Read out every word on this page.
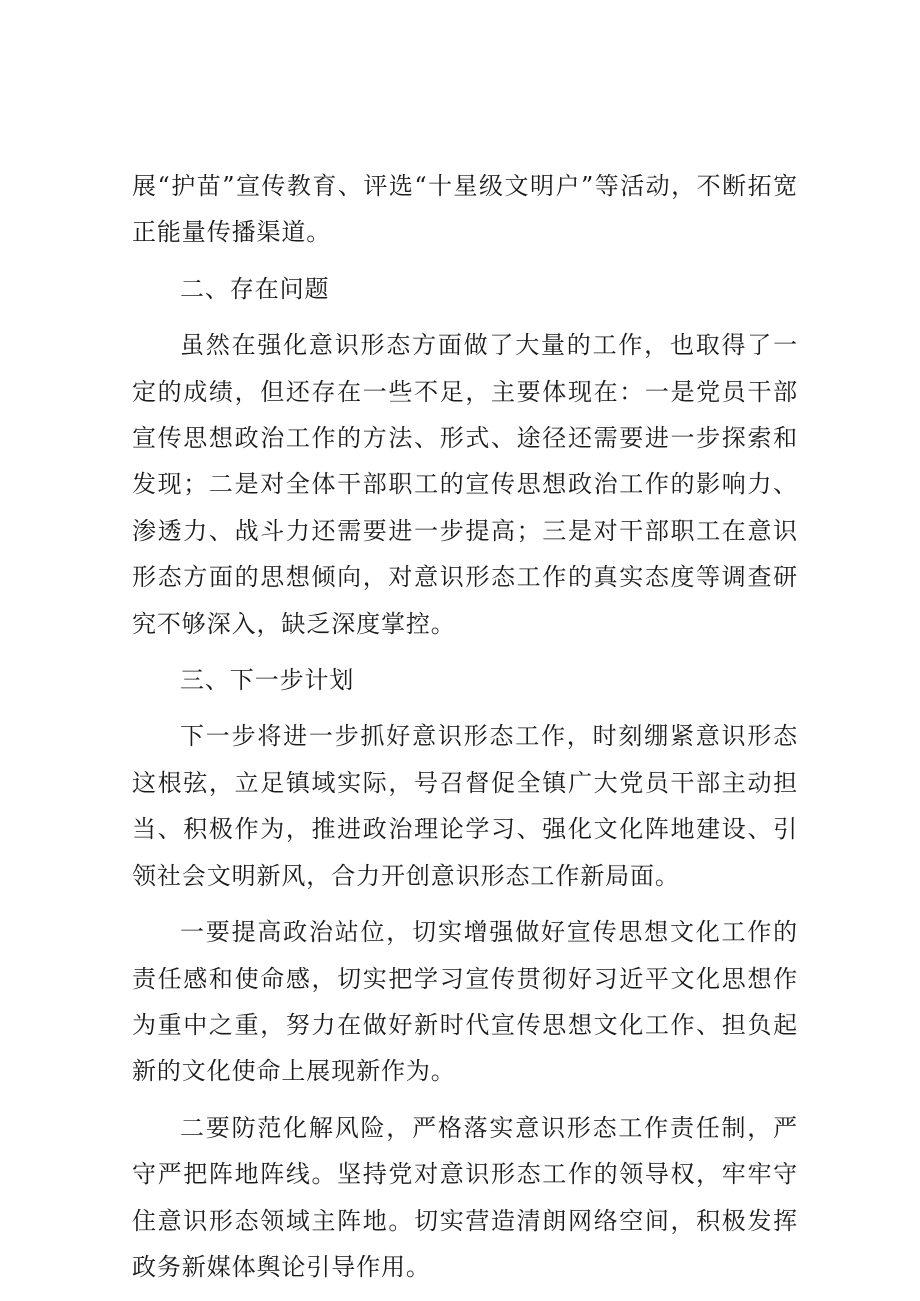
展“护苗”宣传教育、评选“十星级文明户”等活动，不断拓宽正能量传播渠道。

二、存在问题

虽然在强化意识形态方面做了大量的工作，也取得了一定的成绩，但还存在一些不足，主要体现在：一是党员干部宣传思想政治工作的方法、形式、途径还需要进一步探索和发现；二是对全体干部职工的宣传思想政治工作的影响力、渗透力、战斗力还需要进一步提高；三是对干部职工在意识形态方面的思想倾向，对意识形态工作的真实态度等调查研究不够深入，缺乏深度掌控。

三、下一步计划

下一步将进一步抓好意识形态工作，时刻绷紧意识形态这根弦，立足镇域实际，号召督促全镇广大党员干部主动担当、积极作为，推进政治理论学习、强化文化阵地建设、引领社会文明新风，合力开创意识形态工作新局面。

一要提高政治站位，切实增强做好宣传思想文化工作的责任感和使命感，切实把学习宣传贯彻好习近平文化思想作为重中之重，努力在做好新时代宣传思想文化工作、担负起新的文化使命上展现新作为。

二要防范化解风险，严格落实意识形态工作责任制，严守严把阵地阵线。坚持党对意识形态工作的领导权，牢牢守住意识形态领域主阵地。切实营造清朗网络空间，积极发挥政务新媒体舆论引导作用。
